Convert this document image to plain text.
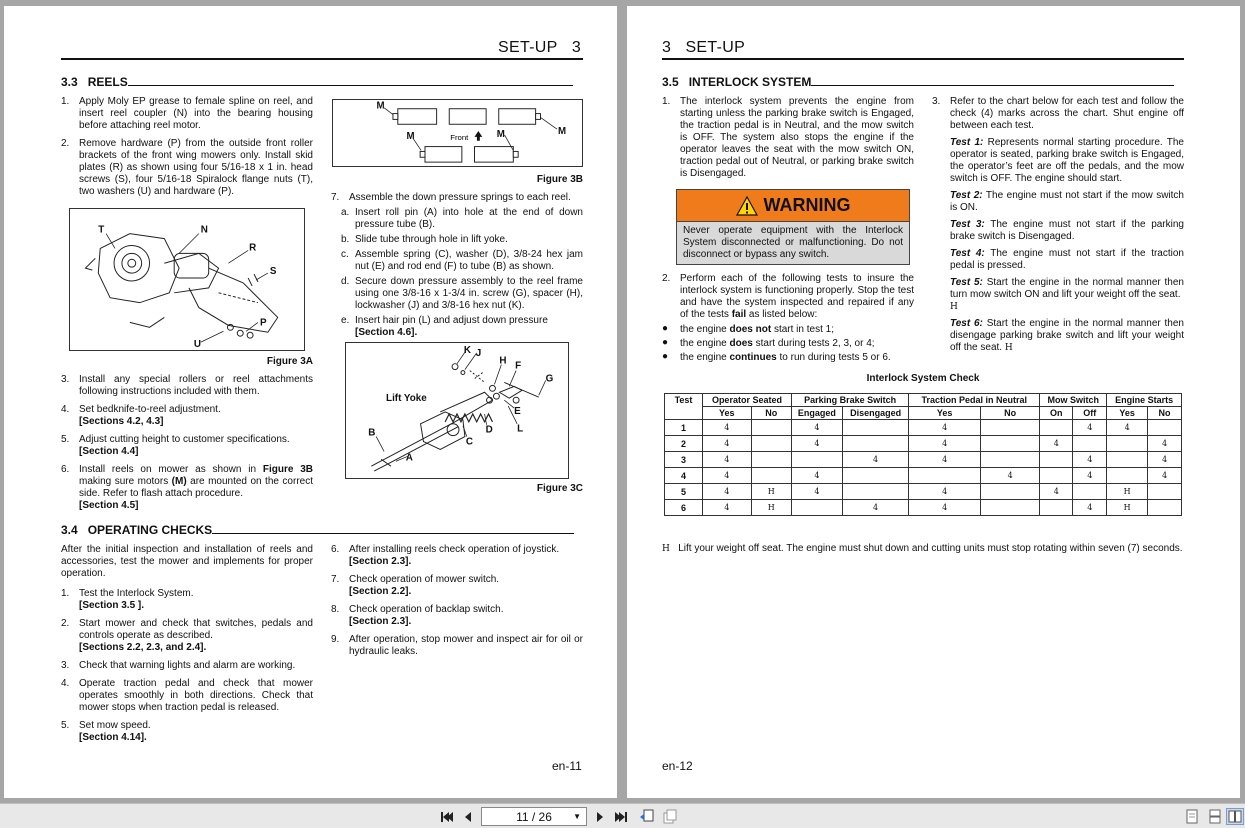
SET-UP 3
en-11
3.3 REELS
1. Apply Moly EP grease to female spline on reel, and insert reel coupler (N) into the bearing housing before attaching reel motor.
2. Remove hardware (P) from the outside front roller brackets of the front wing mowers only. Install skid plates (R) as shown using four 5/16-18 x 1 in. head screws (S), four 5/16-18 Spiralock flange nuts (T), two washers (U) and hardware (P).
T	N
R
S
P
U
Figure 3A
3. Install any special rollers or reel attachments following instructions included with them.
4. Set bedknife-to-reel adjustment.
[Sections 4.2, 4.3]
5. Adjust cutting height to customer specifications.
[Section 4.4]
6. Install reels on mower as shown in Figure 3B making sure motors (M) are mounted on the correct side. Refer to flash attach procedure.
[Section 4.5]
M
M
M	M
Front
Figure 3B
7. Assemble the down pressure springs to each reel.
a. Insert roll pin (A) into hole at the end of down pressure tube (B).
b. Slide tube through hole in lift yoke.
c. Assemble spring (C), washer (D), 3/8-24 hex jam nut (E) and rod end (F) to tube (B) as shown.
d. Secure down pressure assembly to the reel frame using one 3/8-16 x 1-3/4 in. screw (G), spacer (H), lockwasher (J) and 3/8-16 hex nut (K).
e. Insert hair pin (L) and adjust down pressure
[Section 4.6].
K J
H F
G
E
L
D
C
B
A
Lift Yoke
Figure 3C
3.4 OPERATING CHECKS

After the initial inspection and installation of reels and accessories, test the mower and implements for proper operation.

1. Test the Interlock System.
[Section 3.5 ].
2. Start mower and check that switches, pedals and controls operate as described.
[Sections 2.2, 2.3, and 2.4].
3. Check that warning lights and alarm are working.
4. Operate traction pedal and check that mower operates smoothly in both directions. Check that mower stops when traction pedal is released.
5. Set mow speed.
[Section 4.14].
6. After installing reels check operation of joystick.
[Section 2.3].
7. Check operation of mower switch.
[Section 2.2].
8. Check operation of backlap switch.
[Section 2.3].
9. After operation, stop mower and inspect air for oil or hydraulic leaks.
3 SET-UP
en-12
3.5 INTERLOCK SYSTEM
1. The interlock system prevents the engine from starting unless the parking brake switch is Engaged, the traction pedal is in Neutral, and the mow switch is OFF. The system also stops the engine if the operator leaves the seat with the mow switch ON, traction pedal out of Neutral, or parking brake switch is Disengaged.
WARNING
Never operate equipment with the Interlock System disconnected or malfunctioning. Do not disconnect or bypass any switch.
2. Perform each of the following tests to insure the interlock system is functioning properly. Stop the test and have the system inspected and repaired if any of the tests fail as listed below:
● the engine does not start in test 1;
● the engine does start during tests 2, 3, or 4;
● the engine continues to run during tests 5 or 6.
3. Refer to the chart below for each test and follow the check (4) marks across the chart. Shut engine off between each test.

Test 1: Represents normal starting procedure. The operator is seated, parking brake switch is Engaged, the operator’s feet are off the pedals, and the mow switch is OFF. The engine should start.

Test 2: The engine must not start if the mow switch is ON.

Test 3: The engine must not start if the parking brake switch is Disengaged.

Test 4: The engine must not start if the traction pedal is pressed.

Test 5: Start the engine in the normal manner then turn mow switch ON and lift your weight off the seat.
H

Test 6: Start the engine in the normal manner then disengage parking brake switch and lift your weight off the seat. H

Interlock System Check
Test	Operator Seated		Parking Brake Switch		Traction Pedal in Neutral		Mow Switch		Engine Starts	
	Yes	No	Engaged	Disengaged	Yes	No	On	Off	Yes	No
1	4		4		4			4	4	
2	4		4		4		4			4
3	4			4	4			4		4
4	4		4			4		4		4
5	4	H	4		4		4		H	
6	4	H		4	4			4	H	
H Lift your weight off seat. The engine must shut down and cutting units must stop rotating within seven (7) seconds.
11 / 26	▼
